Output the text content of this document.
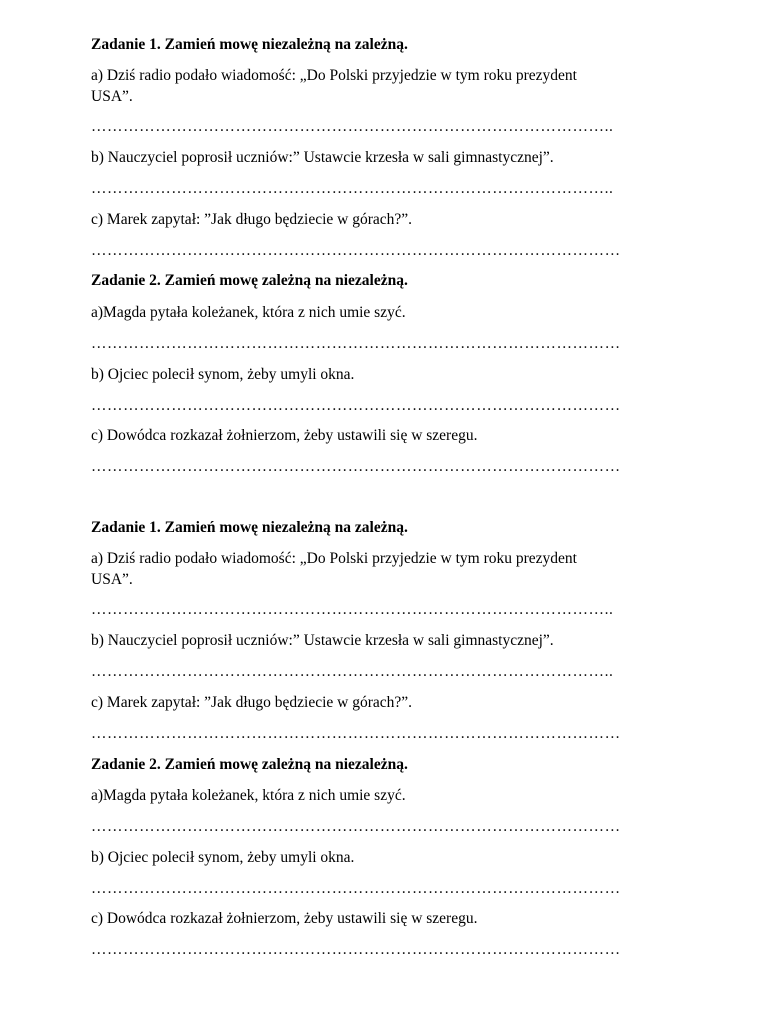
Zadanie 1. Zamień mowę niezależną na zależną.

a) Dziś radio podało wiadomość: „Do Polski przyjedzie w tym roku prezydent

USA”.

……………………………………………………………………………………..

b) Nauczyciel poprosił uczniów:” Ustawcie krzesła w sali gimnastycznej”.

……………………………………………………………………………………..

c) Marek zapytał: ”Jak długo będziecie w górach?”.

………………………………………………………………………………………

Zadanie 2. Zamień mowę zależną na niezależną.

a)Magda pytała koleżanek, która z nich umie szyć.

………………………………………………………………………………………

b) Ojciec polecił synom, żeby umyli okna.

………………………………………………………………………………………

c) Dowódca rozkazał żołnierzom, żeby ustawili się w szeregu.

………………………………………………………………………………………

Zadanie 1. Zamień mowę niezależną na zależną.

a) Dziś radio podało wiadomość: „Do Polski przyjedzie w tym roku prezydent

USA”.

……………………………………………………………………………………..

b) Nauczyciel poprosił uczniów:” Ustawcie krzesła w sali gimnastycznej”.

……………………………………………………………………………………..

c) Marek zapytał: ”Jak długo będziecie w górach?”.

………………………………………………………………………………………

Zadanie 2. Zamień mowę zależną na niezależną.

a)Magda pytała koleżanek, która z nich umie szyć.

………………………………………………………………………………………

b) Ojciec polecił synom, żeby umyli okna.

………………………………………………………………………………………

c) Dowódca rozkazał żołnierzom, żeby ustawili się w szeregu.

………………………………………………………………………………………
